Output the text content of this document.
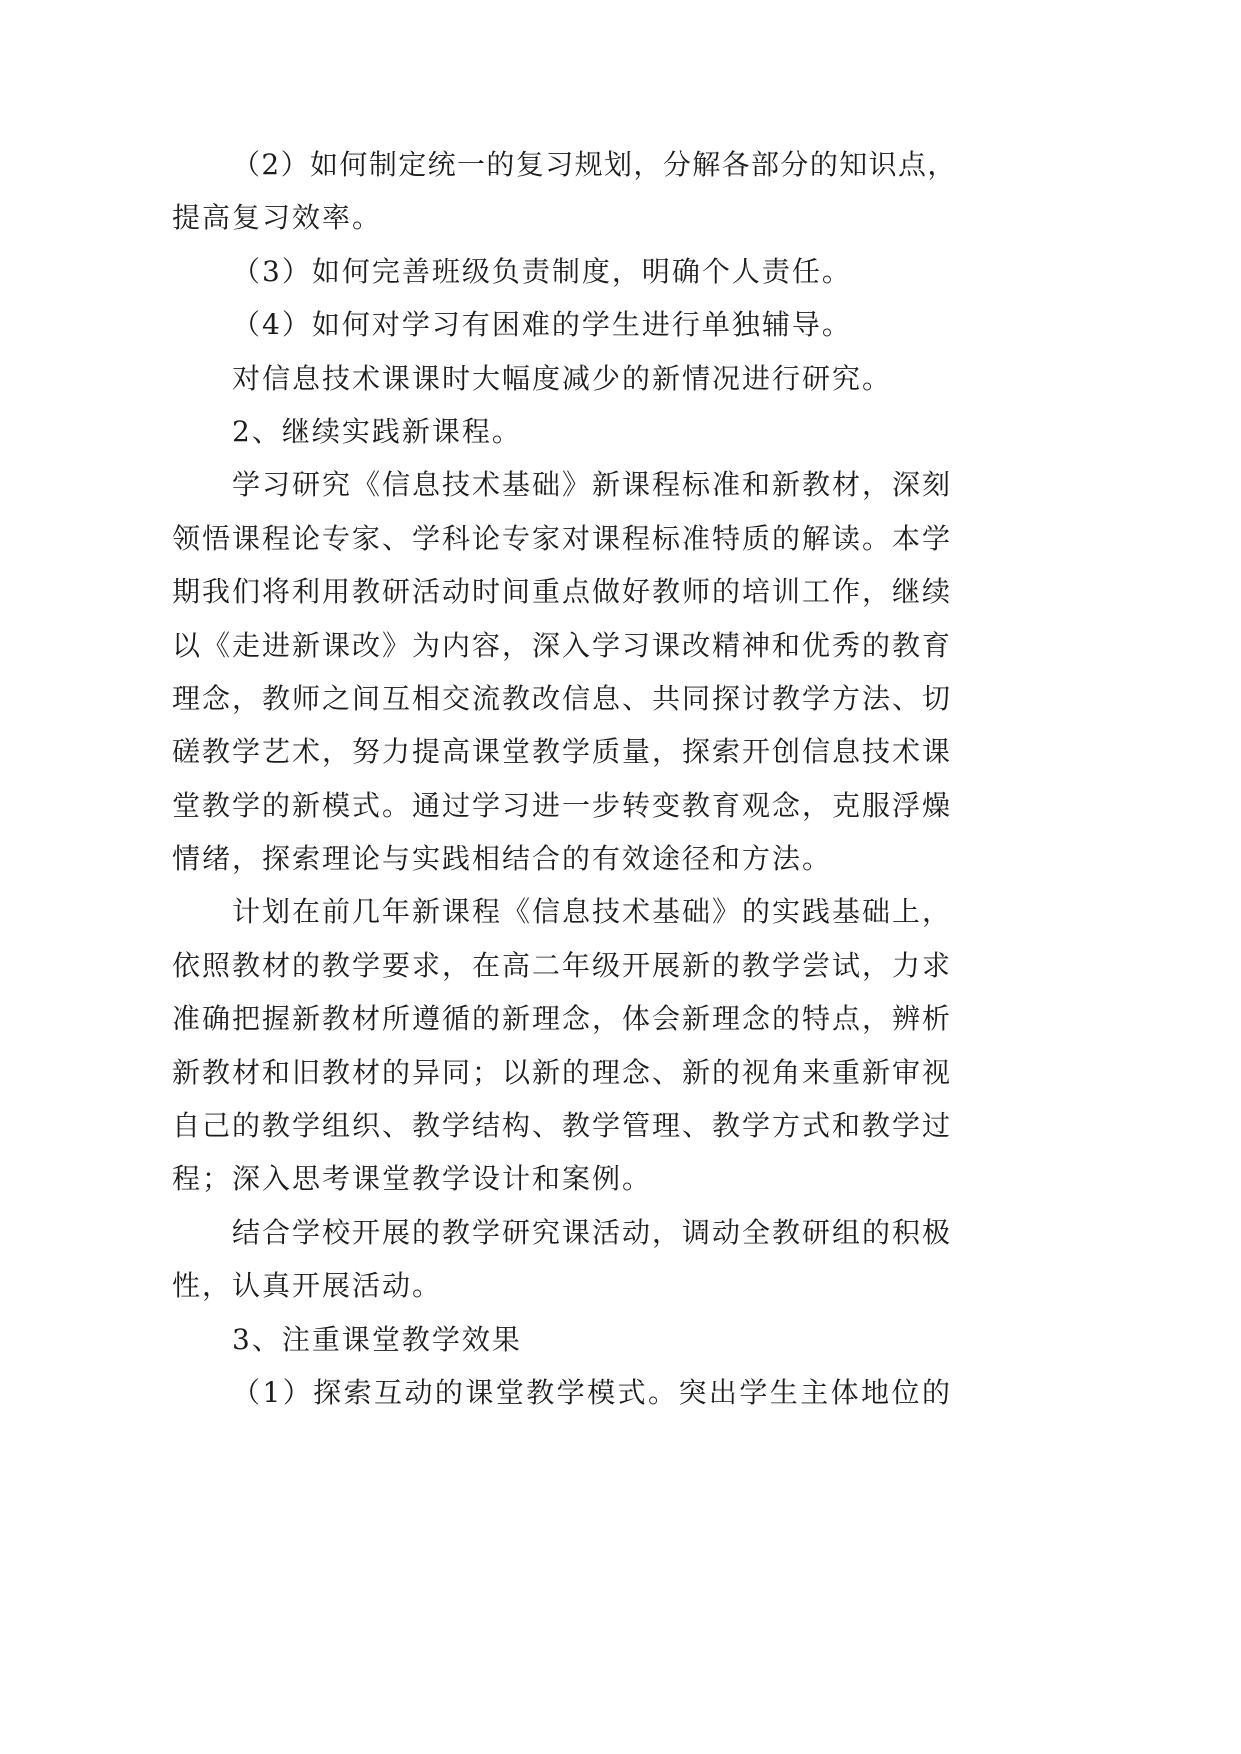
（2）如何制定统一的复习规划，分解各部分的知识点，
提高复习效率。
（3）如何完善班级负责制度，明确个人责任。
（4）如何对学习有困难的学生进行单独辅导。
对信息技术课课时大幅度减少的新情况进行研究。
2、继续实践新课程。
学习研究《信息技术基础》新课程标准和新教材，深刻
领悟课程论专家、学科论专家对课程标准特质的解读。本学
期我们将利用教研活动时间重点做好教师的培训工作，继续
以《走进新课改》为内容，深入学习课改精神和优秀的教育
理念，教师之间互相交流教改信息、共同探讨教学方法、切
磋教学艺术，努力提高课堂教学质量，探索开创信息技术课
堂教学的新模式。通过学习进一步转变教育观念，克服浮燥
情绪，探索理论与实践相结合的有效途径和方法。
计划在前几年新课程《信息技术基础》的实践基础上，
依照教材的教学要求，在高二年级开展新的教学尝试，力求
准确把握新教材所遵循的新理念，体会新理念的特点，辨析
新教材和旧教材的异同；以新的理念、新的视角来重新审视
自己的教学组织、教学结构、教学管理、教学方式和教学过
程；深入思考课堂教学设计和案例。
结合学校开展的教学研究课活动，调动全教研组的积极
性，认真开展活动。
3、注重课堂教学效果
（1）探索互动的课堂教学模式。突出学生主体地位的
